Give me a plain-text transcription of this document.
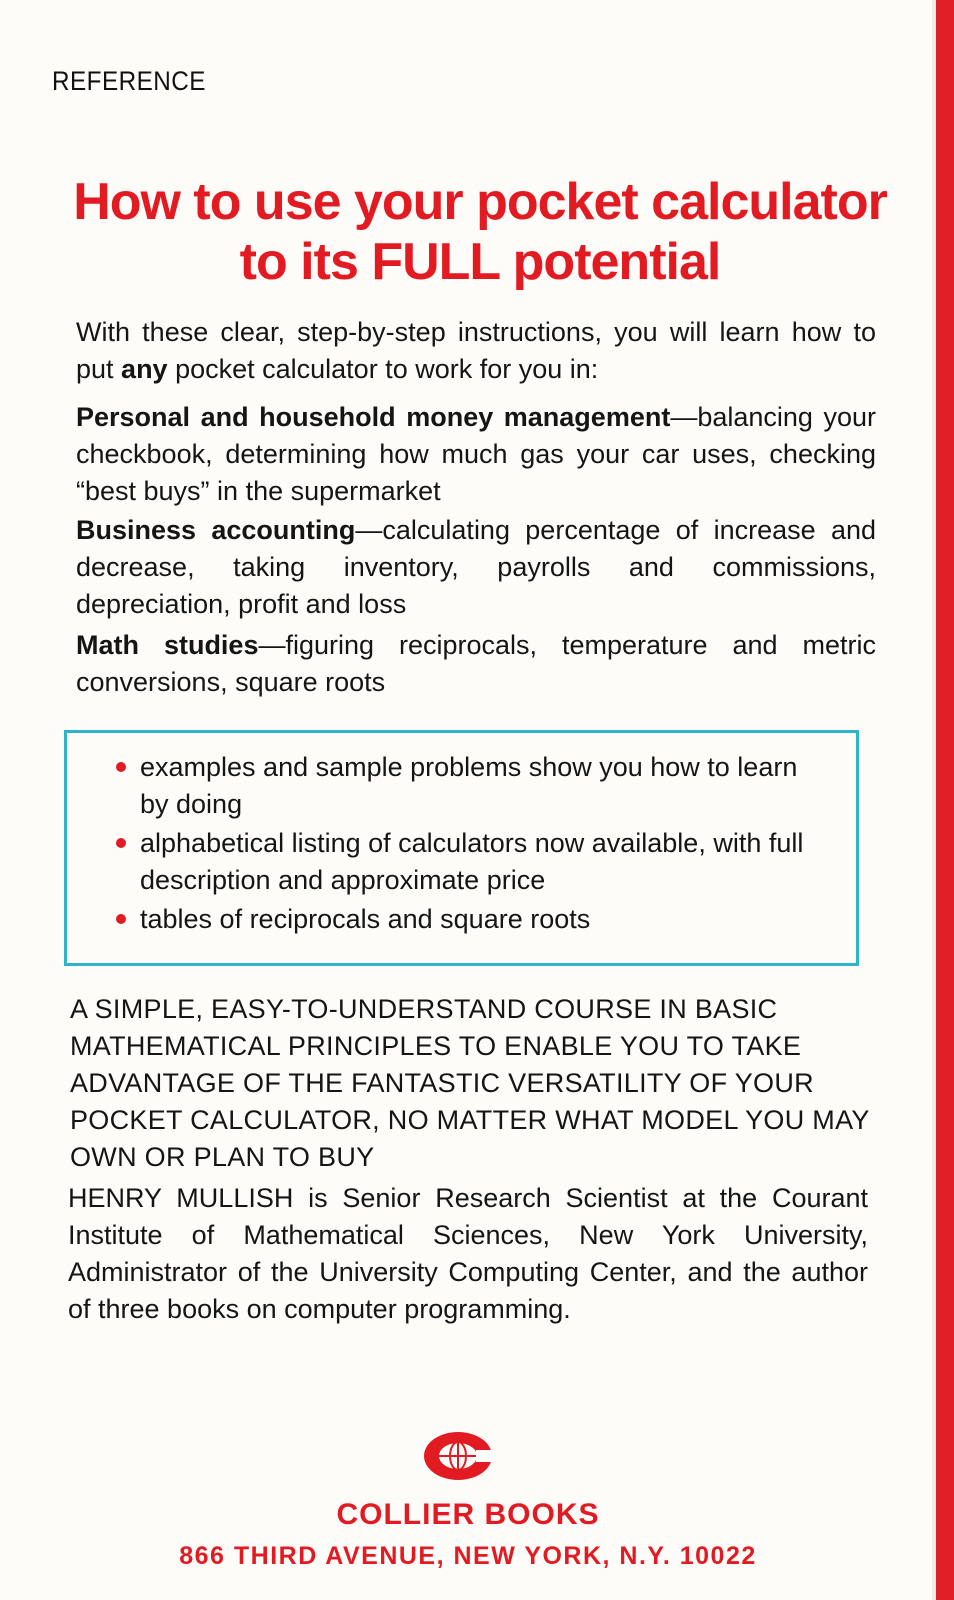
REFERENCE
How to use your pocket calculator
to its FULL potential
With these clear, step-by-step instructions, you will learn how to put any pocket calculator to work for you in:
Personal and household money management—balancing your checkbook, determining how much gas your car uses, checking “best buys” in the supermarket
Business accounting—calculating percentage of increase and decrease, taking inventory, payrolls and commissions, depreciation, profit and loss
Math studies—figuring reciprocals, temperature and metric conversions, square roots
examples and sample problems show you how to learn by doing
alphabetical listing of calculators now available, with full description and approximate price
tables of reciprocals and square roots
A SIMPLE, EASY-TO-UNDERSTAND COURSE IN BASIC MATHEMATICAL PRINCIPLES TO ENABLE YOU TO TAKE ADVANTAGE OF THE FANTASTIC VERSATILITY OF YOUR POCKET CALCULATOR, NO MATTER WHAT MODEL YOU MAY OWN OR PLAN TO BUY
HENRY MULLISH is Senior Research Scientist at the Courant Institute of Mathematical Sciences, New York University, Administrator of the University Computing Center, and the author of three books on computer programming.
COLLIER BOOKS
866 THIRD AVENUE, NEW YORK, N.Y. 10022
